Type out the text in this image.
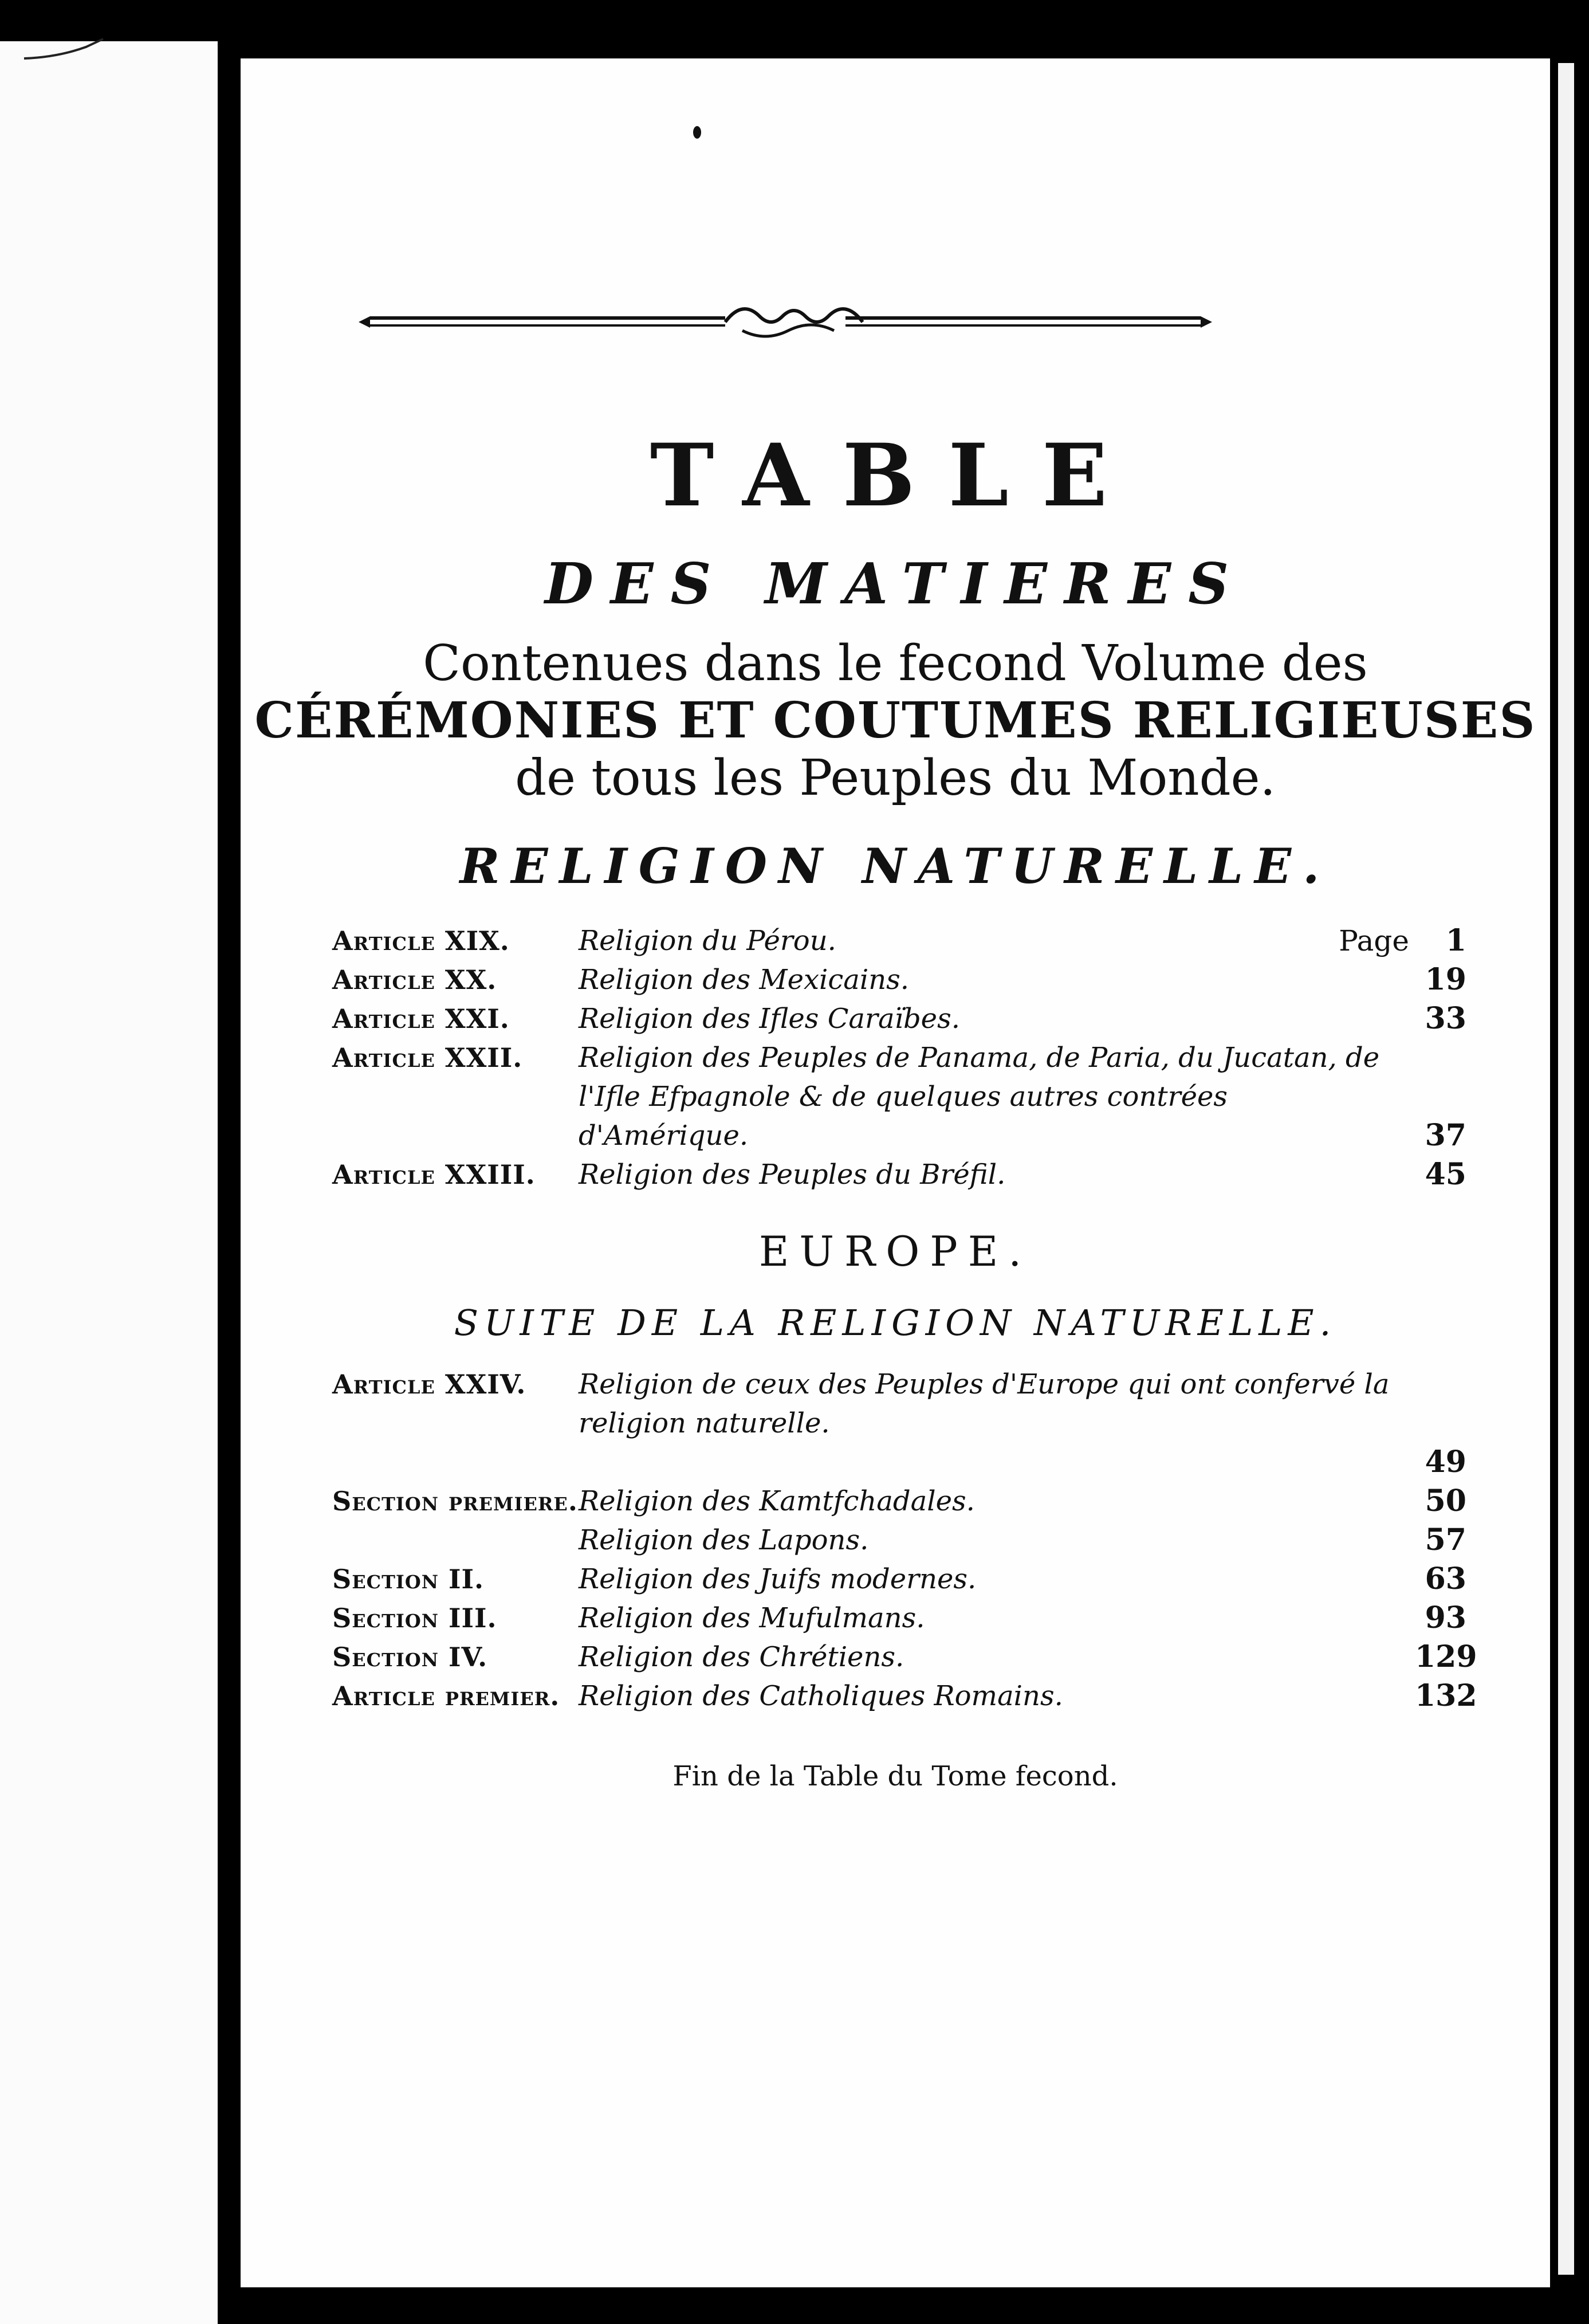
TABLE
DES MATIERES
Contenues dans le fecond Volume des
CÉRÉMONIES ET COUTUMES RELIGIEUSES
de tous les Peuples du Monde.
RELIGION NATURELLE.
Article XIX.	Religion du Pérou.	Page	1
Article XX.	Religion des Mexicains.	19
Article XXI.	Religion des Ifles Caraïbes.	33
Article XXII.	Religion des Peuples de Panama, de Paria, du Jucatan, de l'Ifle Efpagnole & de quelques autres contrées d'Amérique.	37
Article XXIII.	Religion des Peuples du Bréfil.	45
EUROPE.
SUITE DE LA RELIGION NATURELLE.
Article XXIV.	Religion de ceux des Peuples d'Europe qui ont confervé la religion naturelle.
49
Section premiere. Religion des Kamtfchadales.	50
Religion des Lapons.	57
Section II.	Religion des Juifs modernes.	63
Section III.	Religion des Mufulmans.	93
Section IV.	Religion des Chrétiens.	129
Article premier. Religion des Catholiques Romains.	132
Fin de la Table du Tome fecond.
